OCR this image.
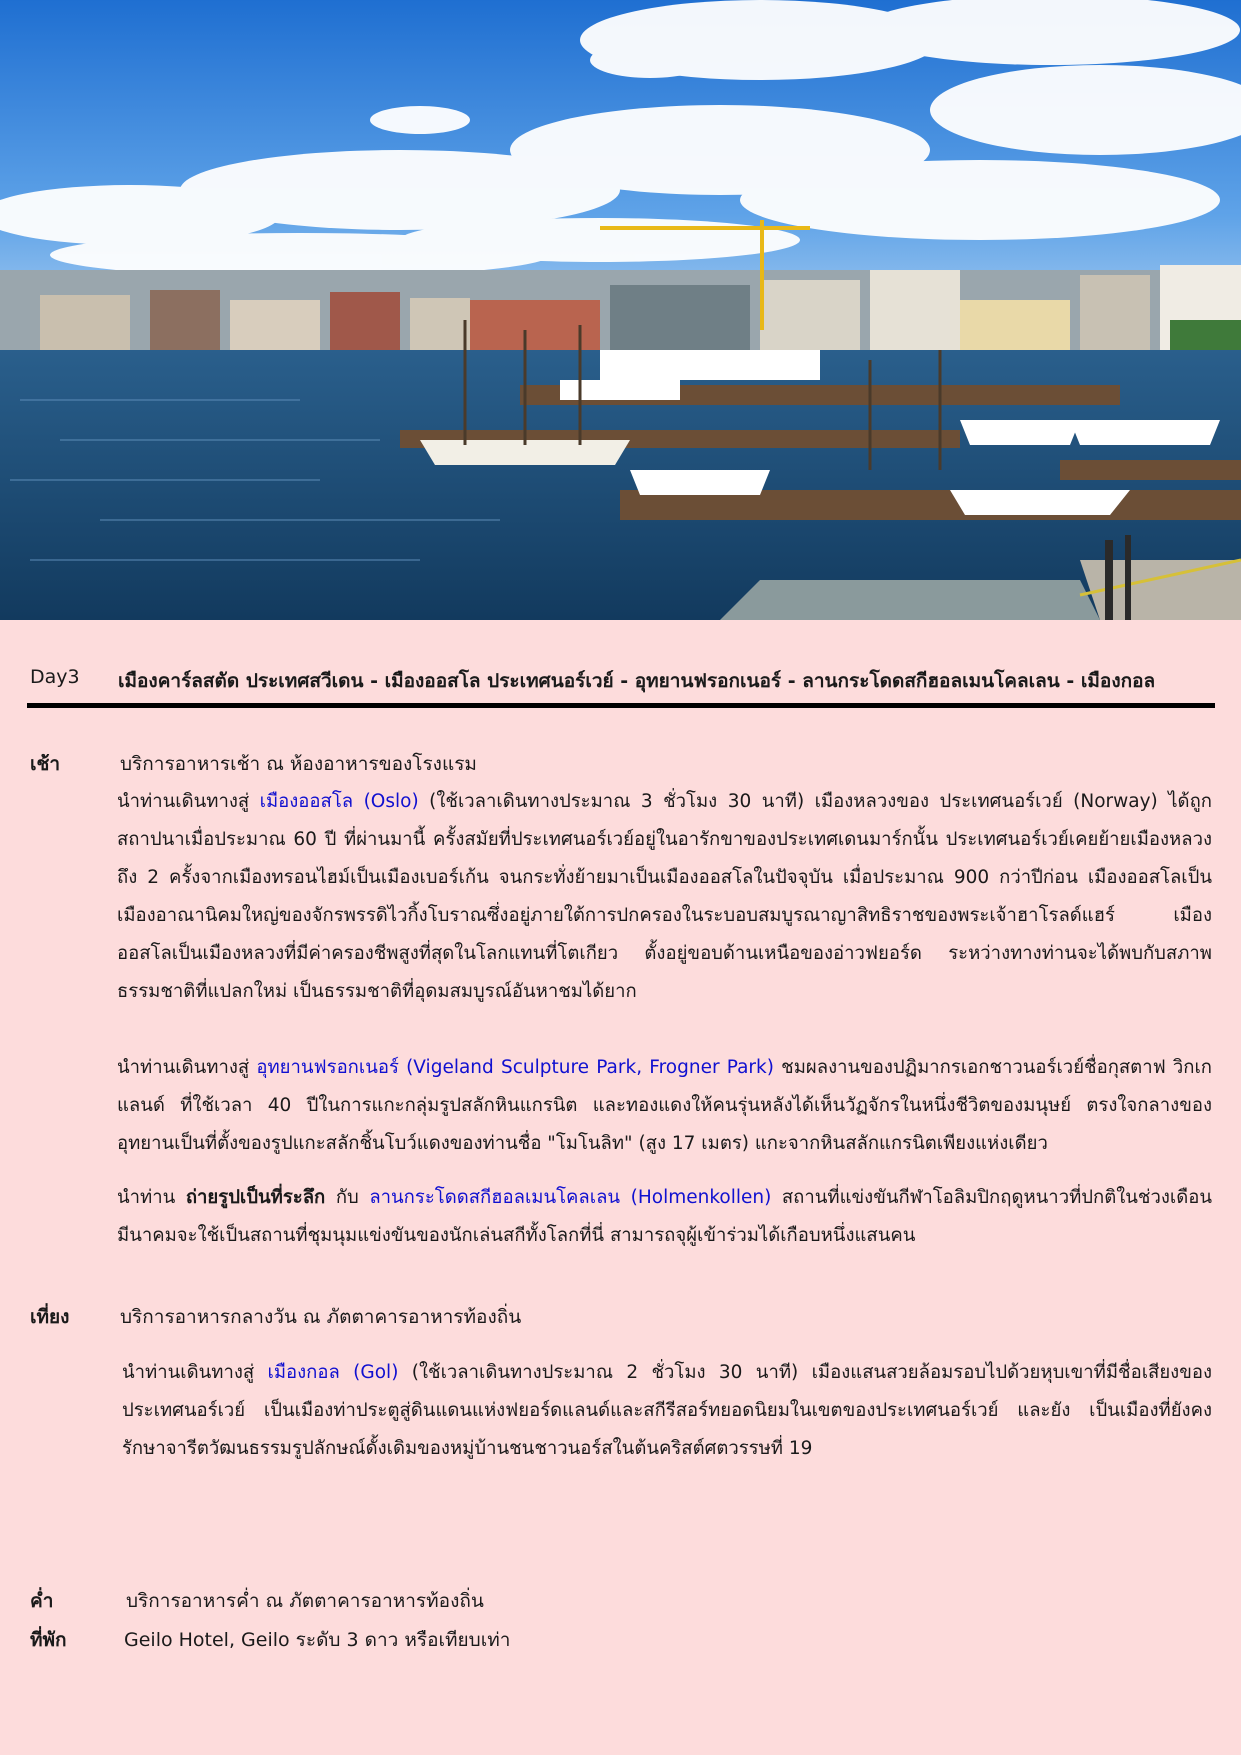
Day3 เมืองคาร์ลสตัด ประเทศสวีเดน - เมืองออสโล ประเทศนอร์เวย์ - อุทยานฟรอกเนอร์ - ลานกระโดดสกีฮอลเมนโคลเลน - เมืองกอล
เช้า	บริการอาหารเช้า ณ ห้องอาหารของโรงแรม

นำท่านเดินทางสู่ เมืองออสโล (Oslo) (ใช้เวลาเดินทางประมาณ 3 ชั่วโมง 30 นาที) เมืองหลวงของ ประเทศนอร์เวย์ (Norway) ได้ถูกสถาปนาเมื่อประมาณ 60 ปี ที่ผ่านมานี้ ครั้งสมัยที่ประเทศนอร์เวย์อยู่ในอารักขาของประเทศเดนมาร์กนั้น ประเทศนอร์เวย์เคยย้ายเมืองหลวงถึง 2 ครั้งจากเมืองทรอนไฮม์เป็นเมืองเบอร์เก้น จนกระทั่งย้ายมาเป็นเมืองออสโลในปัจจุบัน เมื่อประมาณ 900 กว่าปีก่อน เมืองออสโลเป็นเมืองอาณานิคมใหญ่ของจักรพรรดิไวกิ้งโบราณซึ่งอยู่ภายใต้การปกครองในระบอบสมบูรณาญาสิทธิราชของพระเจ้าฮาโรลด์แฮร์ เมืองออสโลเป็นเมืองหลวงที่มีค่าครองชีพสูงที่สุดในโลกแทนที่โตเกียว ตั้งอยู่ขอบด้านเหนือของอ่าวฟยอร์ด ระหว่างทางท่านจะได้พบกับสภาพธรรมชาติที่แปลกใหม่ เป็นธรรมชาติที่อุดมสมบูรณ์อันหาชมได้ยาก

นำท่านเดินทางสู่ อุทยานฟรอกเนอร์ (Vigeland Sculpture Park, Frogner Park) ชมผลงานของปฏิมากรเอกชาวนอร์เวย์ชื่อกุสตาฟ วิกเกแลนด์ ที่ใช้เวลา 40 ปีในการแกะกลุ่มรูปสลักหินแกรนิต และทองแดงให้คนรุ่นหลังได้เห็นวัฏจักรในหนึ่งชีวิตของมนุษย์ ตรงใจกลางของอุทยานเป็นที่ตั้งของรูปแกะสลักชิ้นโบว์แดงของท่านชื่อ "โมโนลิท" (สูง 17 เมตร) แกะจากหินสลักแกรนิตเพียงแห่งเดียว

นำท่าน ถ่ายรูปเป็นที่ระลึก กับ ลานกระโดดสกีฮอลเมนโคลเลน (Holmenkollen) สถานที่แข่งขันกีฬาโอลิมปิกฤดูหนาวที่ปกติในช่วงเดือนมีนาคมจะใช้เป็นสถานที่ชุมนุมแข่งขันของนักเล่นสกีทั้งโลกที่นี่ สามารถจุผู้เข้าร่วมได้เกือบหนึ่งแสนคน

เที่ยง	บริการอาหารกลางวัน ณ ภัตตาคารอาหารท้องถิ่น

นำท่านเดินทางสู่ เมืองกอล (Gol) (ใช้เวลาเดินทางประมาณ 2 ชั่วโมง 30 นาที) เมืองแสนสวยล้อมรอบไปด้วยหุบเขาที่มีชื่อเสียงของประเทศนอร์เวย์ เป็นเมืองท่าประตูสู่ดินแดนแห่งฟยอร์ดแลนด์และสกีรีสอร์ทยอดนิยมในเขตของประเทศนอร์เวย์ และยัง เป็นเมืองที่ยังคงรักษาจารีตวัฒนธรรมรูปลักษณ์ดั้งเดิมของหมู่บ้านชนชาวนอร์สในต้นคริสต์ศตวรรษที่ 19

ค่ำ	บริการอาหารค่ำ ณ ภัตตาคารอาหารท้องถิ่น
ที่พัก	Geilo Hotel, Geilo ระดับ 3 ดาว หรือเทียบเท่า
